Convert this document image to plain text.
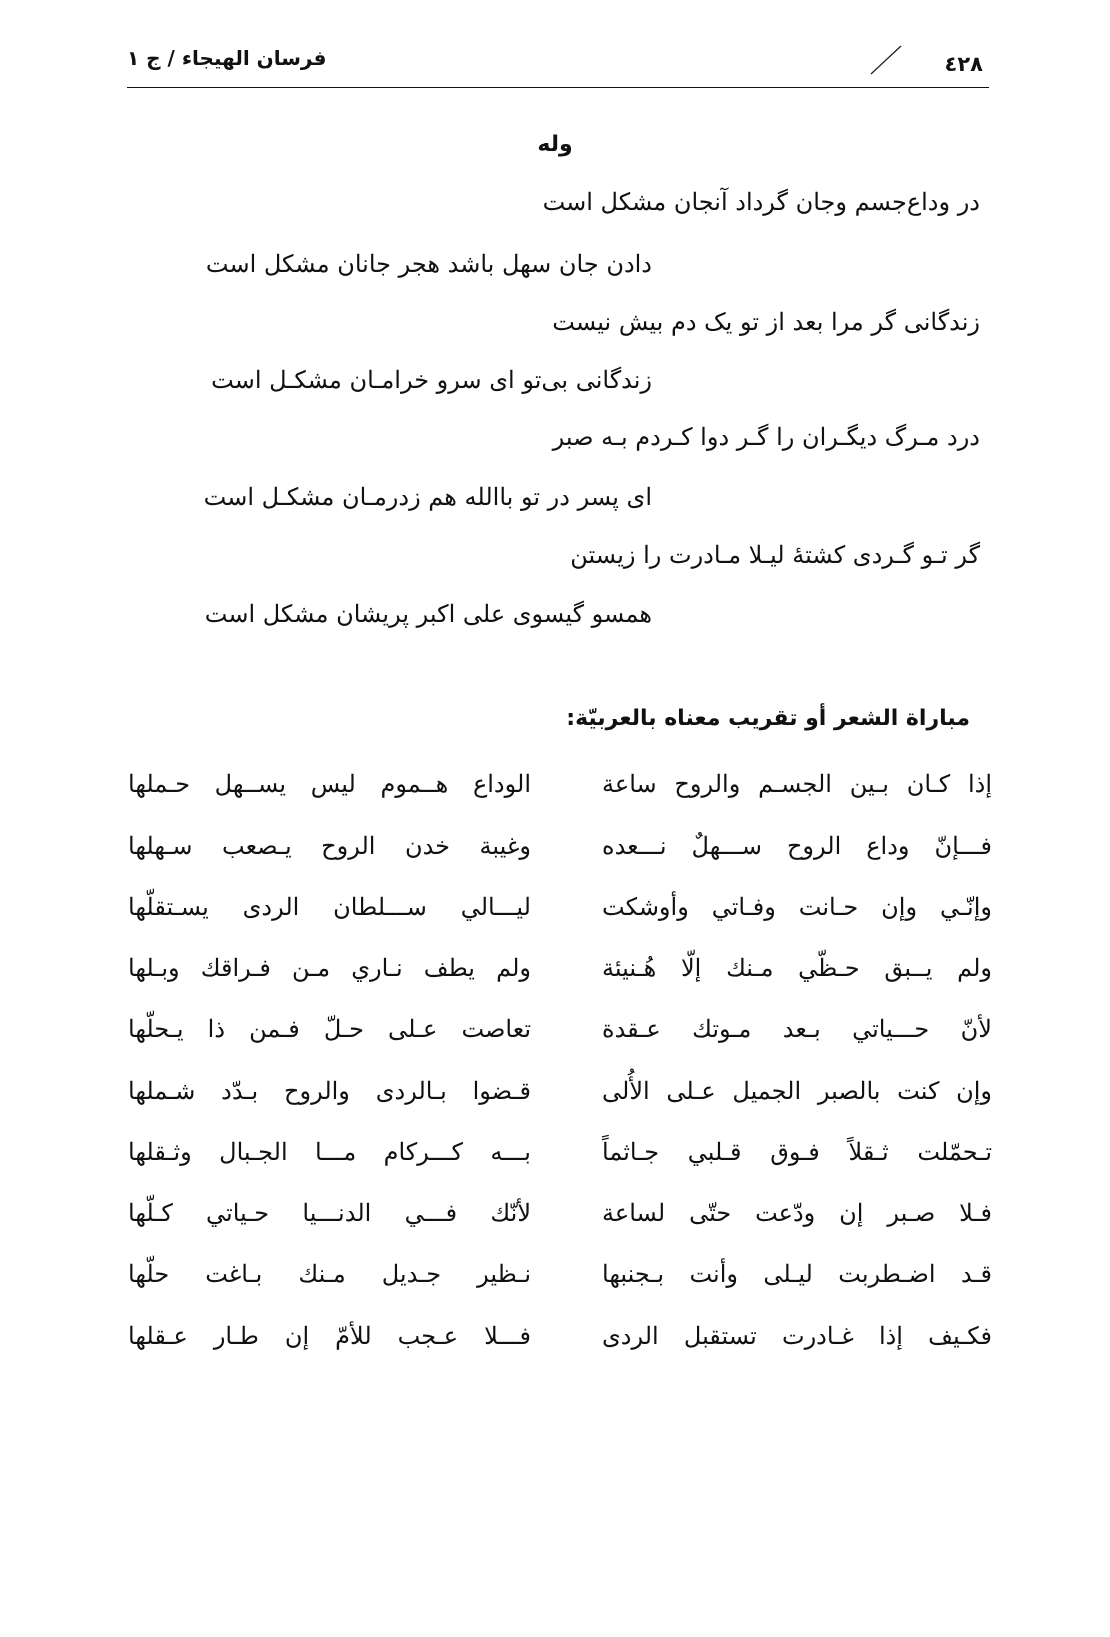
فرسان الهيجاء / ج ١	٤٢٨
وله
در وداع‌جسم وجان گرداد آنجان مشکل است
دادن جان سهل باشد هجر جانان مشکل است
زندگانی گر مرا بعد از تو یک دم بیش نیست
زندگانی بی‌تو ای سرو خرامـان مشکـل است
درد مـرگ دیگـران را گـر دوا کـردم بـه صبر
ای پسر در تو باالله هم زدرمـان مشکـل است
گر تـو گـردی کشتهٔ لیـلا مـادرت را زیستن
همسو گیسوی علی اکبر پریشان مشکل است
مباراة الشعر أو تقريب معناه بالعربيّة:
إذا كـان بـين الجسـم والروح ساعة
الوداع هــموم ليس يســهل حـملها
فـــإنّ وداع الروح ســـهلٌ نـــعده
وغيبة خدن الروح يـصعب سـهلها
وإنّـي وإن حـانت وفـاتي وأوشكت
ليـــالي ســـلطان الردى يسـتقلّها
ولم يــبق حـظّي مـنك إلّا هُـنيئة
ولم يطف نـاري مـن فـراقك وبـلها
لأنّ حـــياتي بـعد مـوتك عـقدة
تعاصت عـلى حـلّ فـمن ذا يـحلّها
وإن كنت بالصبر الجميل عـلى الأُلى
قـضوا بـالردى والروح بـدّد شـملها
تـحمّلت ثـقلاً فـوق قـلبي جـاثماً
بـــه كـــركام مـــا الجـبال وثـقلها
فـلا صـبر إن ودّعت حتّى لساعة
لأنّك فـــي الدنـــيا حـياتي كـلّها
قـد اضـطربت ليـلى وأنت بـجنبها
نـظير جـديل مـنك بـاغت حلّها
فكـيف إذا غـادرت تستقبل الردى
فـــلا عـجب للأمّ إن طـار عـقلها
